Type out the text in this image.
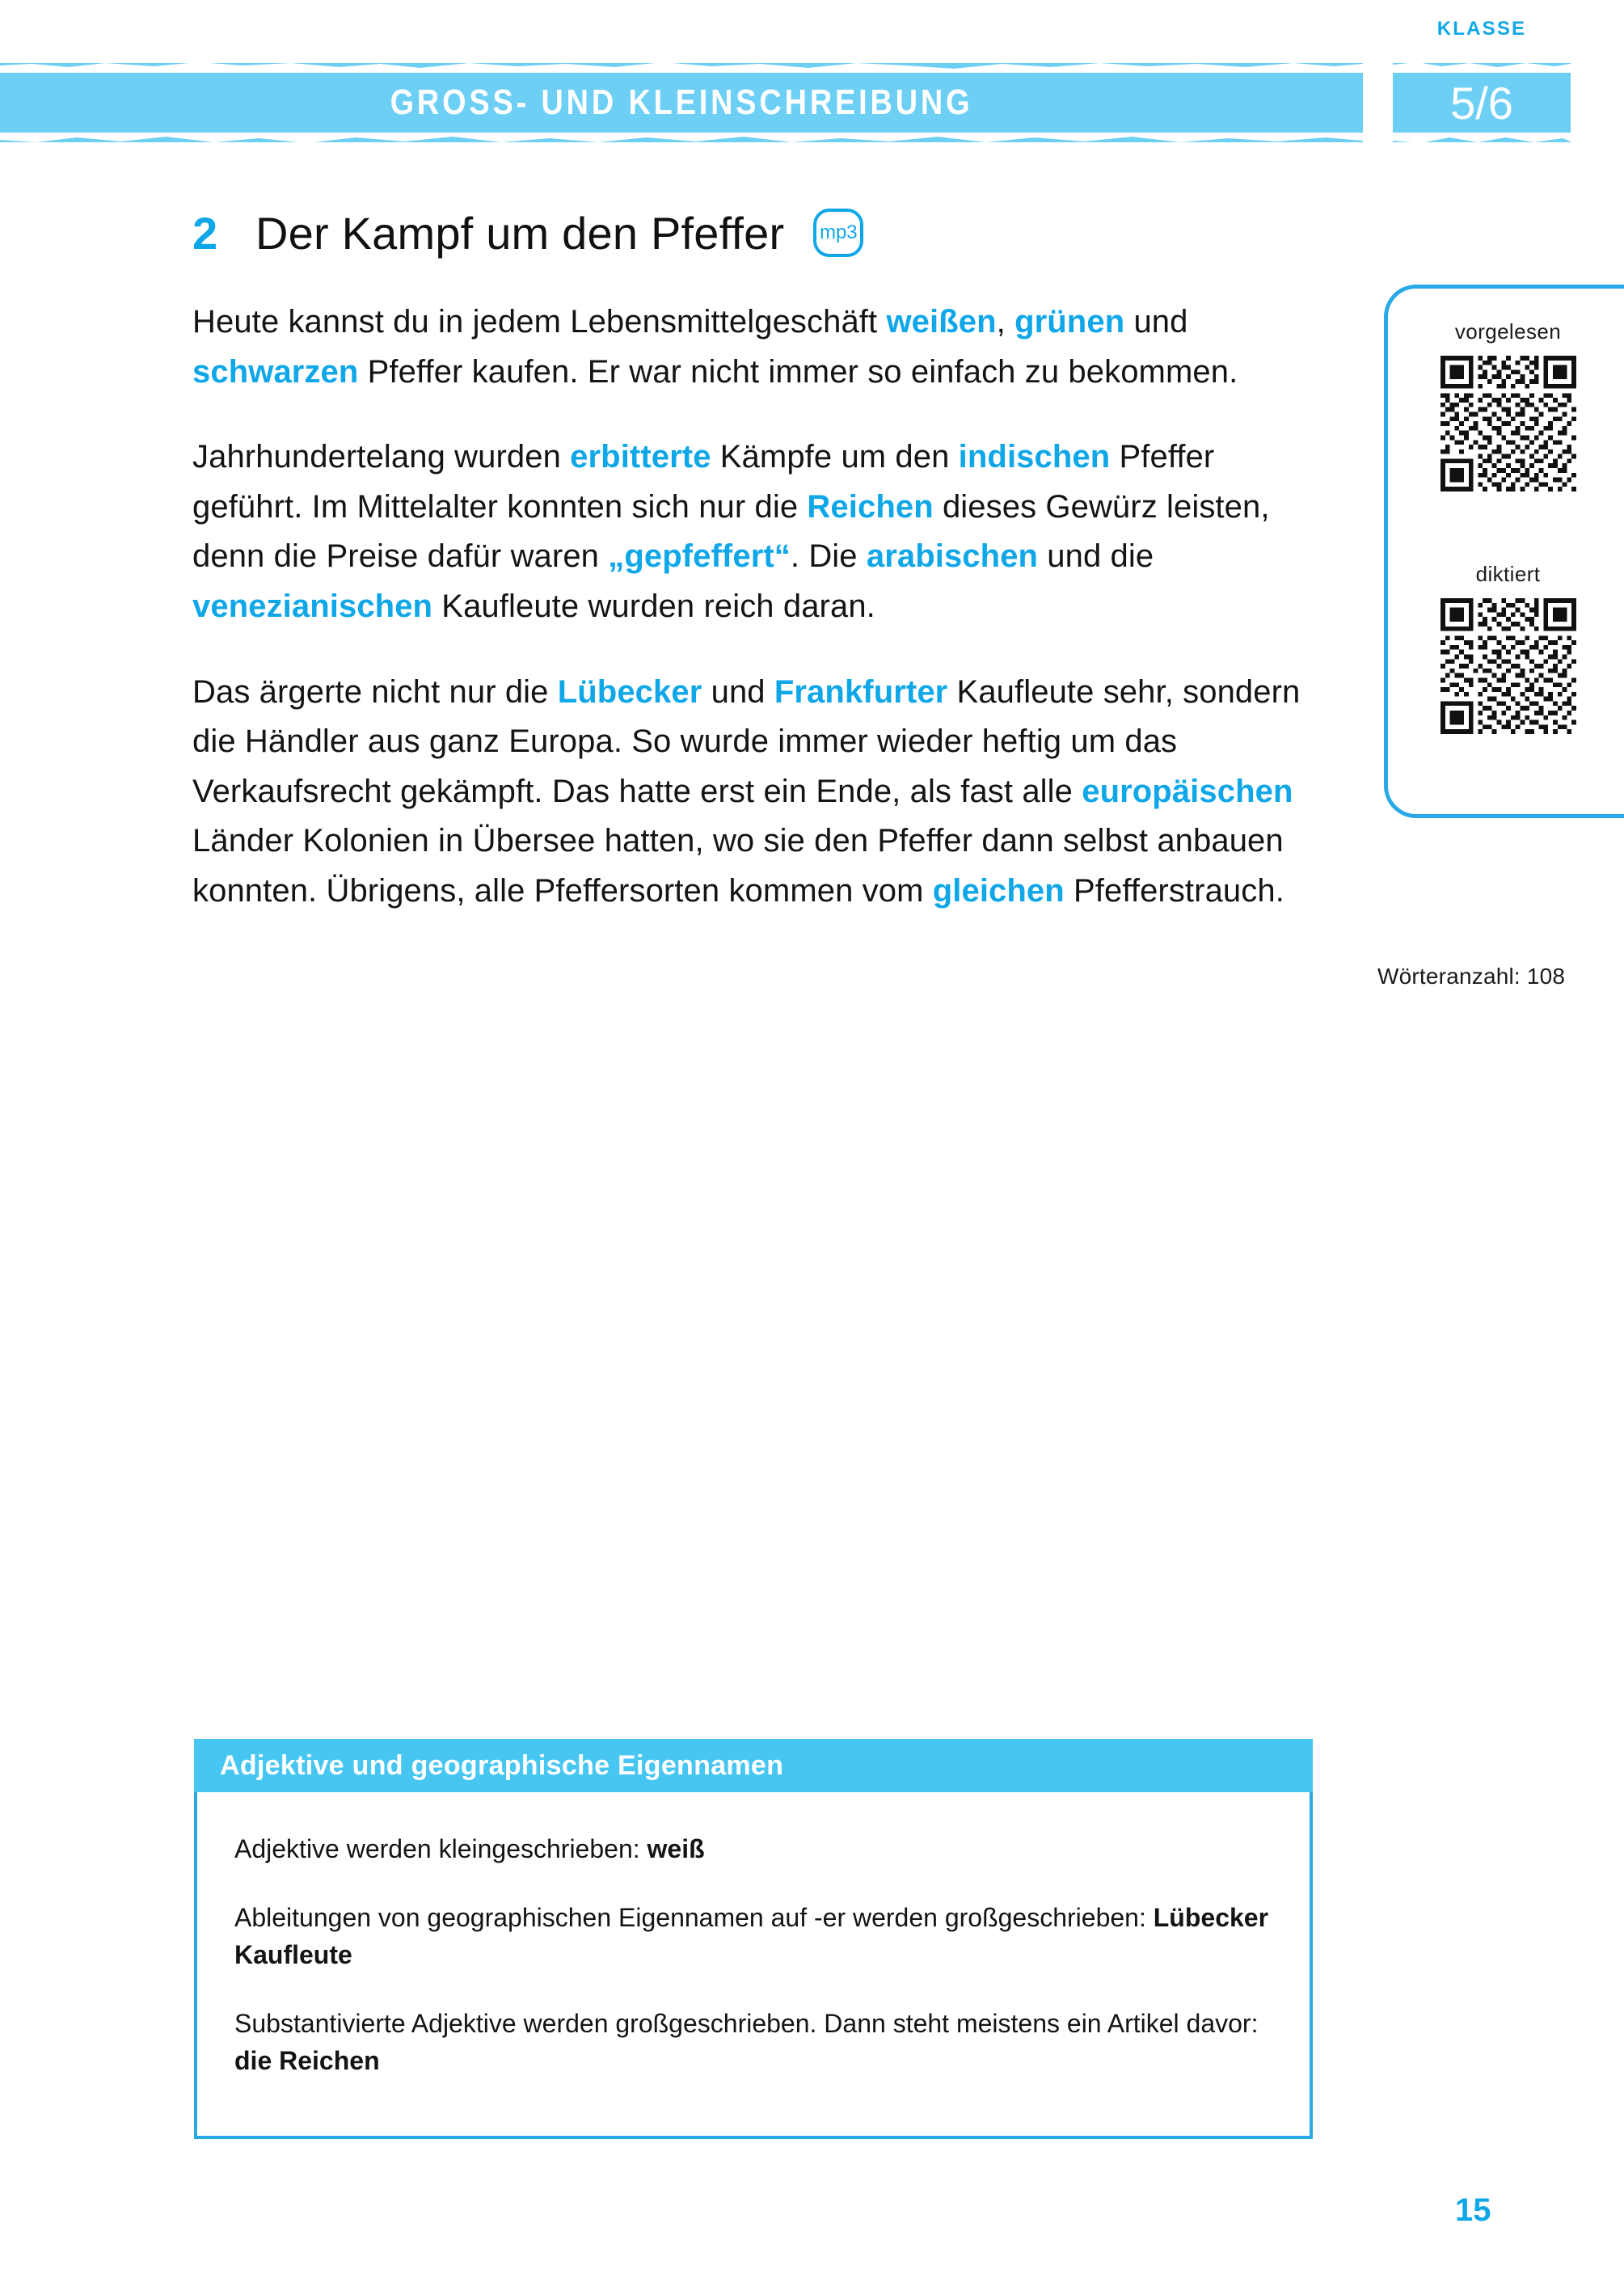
GROSS- UND KLEINSCHREIBUNG
KLASSE
5/6
2 Der Kampf um den Pfeffer	mp3

Heute kannst du in jedem Lebensmittelgeschäft weißen, grünen und schwarzen Pfeffer kaufen. Er war nicht immer so einfach zu bekommen.

Jahrhundertelang wurden erbitterte Kämpfe um den indischen Pfeffer geführt. Im Mittelalter konnten sich nur die Reichen dieses Gewürz leisten, denn die Preise dafür waren „gepfeffert“. Die arabischen und die venezianischen Kaufleute wurden reich daran.

Das ärgerte nicht nur die Lübecker und Frankfurter Kaufleute sehr, sondern die Händler aus ganz Europa. So wurde immer wieder heftig um das Verkaufsrecht gekämpft. Das hatte erst ein Ende, als fast alle europäischen Länder Kolonien in Übersee hatten, wo sie den Pfeffer dann selbst anbauen konnten. Übrigens, alle Pfeffersorten kommen vom gleichen Pfefferstrauch.

vorgelesen
diktiert
Wörteranzahl: 108
Adjektive und geographische Eigennamen
Adjektive werden kleingeschrieben: weiß
Ableitungen von geographischen Eigennamen auf -er werden großgeschrieben: Lübecker Kaufleute
Substantivierte Adjektive werden großgeschrieben. Dann steht meistens ein Artikel davor: die Reichen
15
